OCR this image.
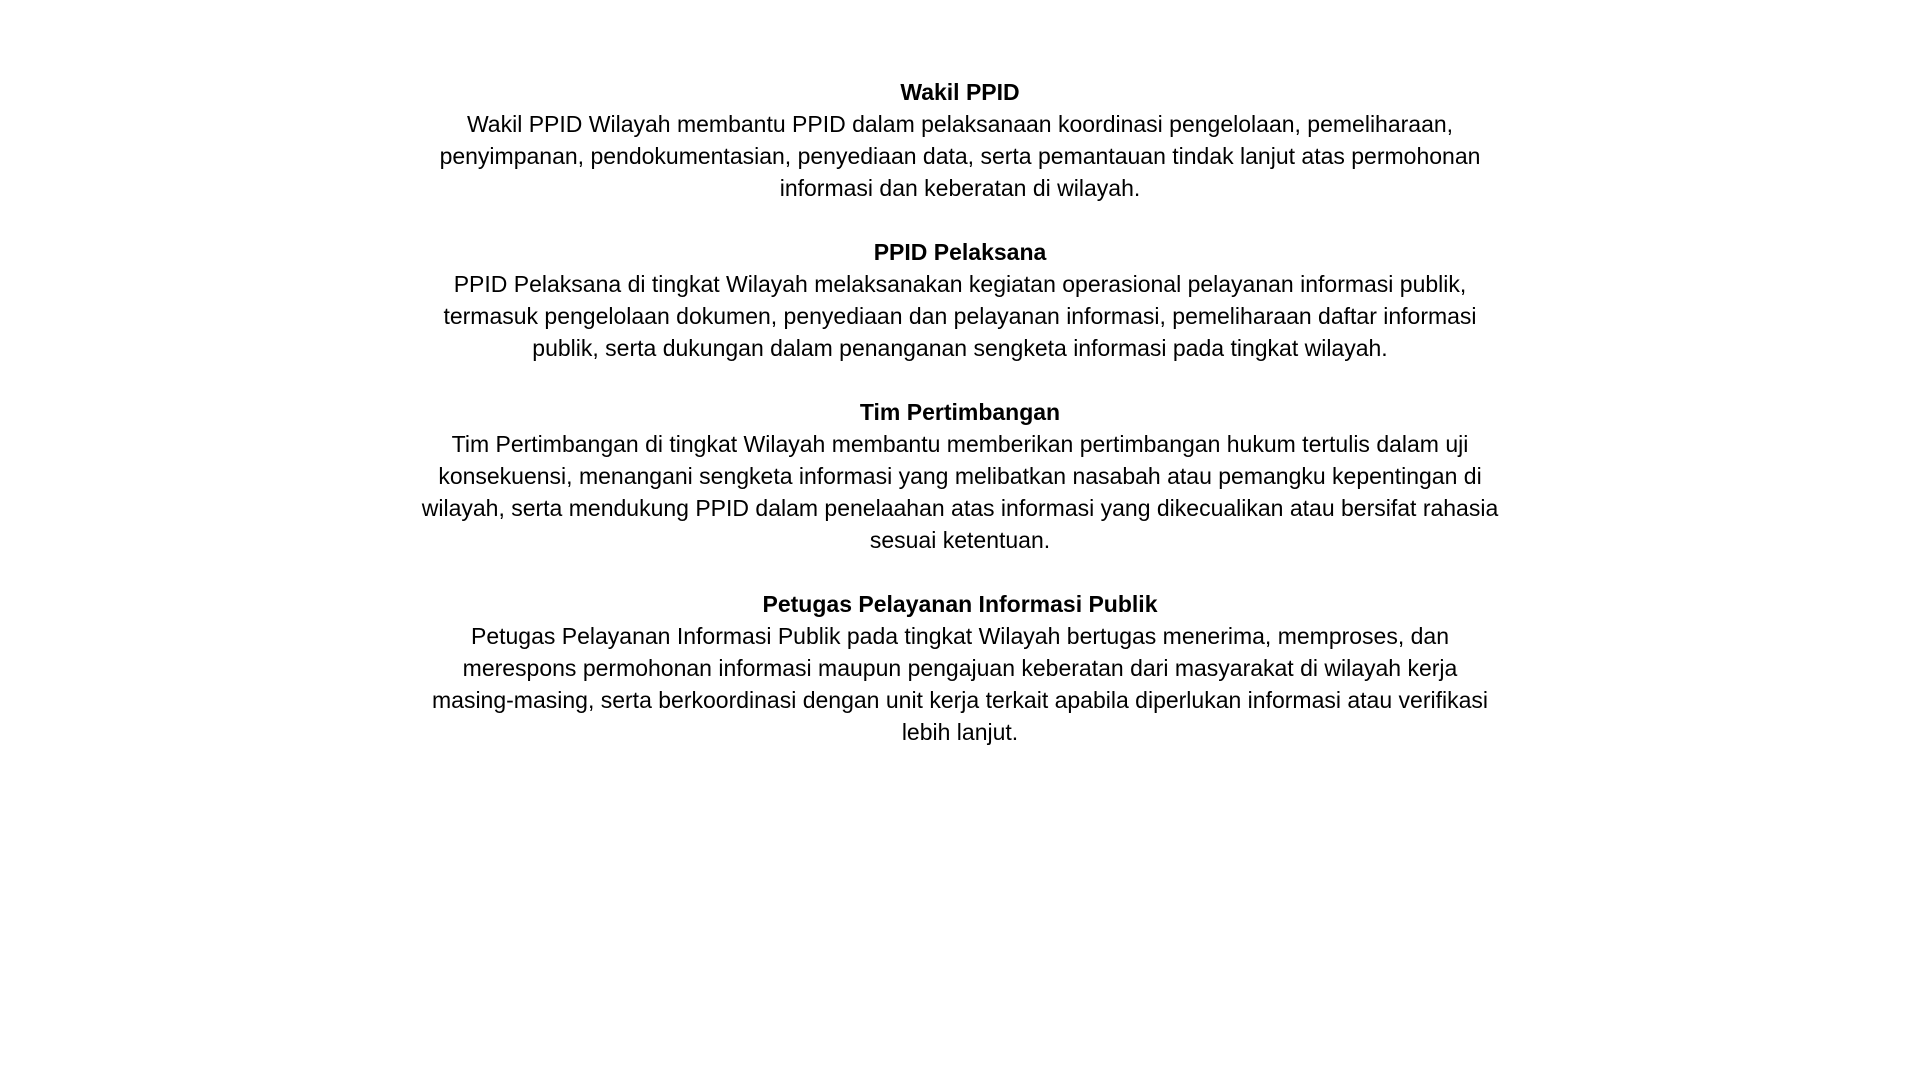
Wakil PPID

Wakil PPID Wilayah membantu PPID dalam pelaksanaan koordinasi pengelolaan, pemeliharaan, penyimpanan, pendokumentasian, penyediaan data, serta pemantauan tindak lanjut atas permohonan informasi dan keberatan di wilayah.

PPID Pelaksana

PPID Pelaksana di tingkat Wilayah melaksanakan kegiatan operasional pelayanan informasi publik, termasuk pengelolaan dokumen, penyediaan dan pelayanan informasi, pemeliharaan daftar informasi publik, serta dukungan dalam penanganan sengketa informasi pada tingkat wilayah.

Tim Pertimbangan

Tim Pertimbangan di tingkat Wilayah membantu memberikan pertimbangan hukum tertulis dalam uji konsekuensi, menangani sengketa informasi yang melibatkan nasabah atau pemangku kepentingan di wilayah, serta mendukung PPID dalam penelaahan atas informasi yang dikecualikan atau bersifat rahasia sesuai ketentuan.

Petugas Pelayanan Informasi Publik

Petugas Pelayanan Informasi Publik pada tingkat Wilayah bertugas menerima, memproses, dan merespons permohonan informasi maupun pengajuan keberatan dari masyarakat di wilayah kerja masing-masing, serta berkoordinasi dengan unit kerja terkait apabila diperlukan informasi atau verifikasi lebih lanjut.
